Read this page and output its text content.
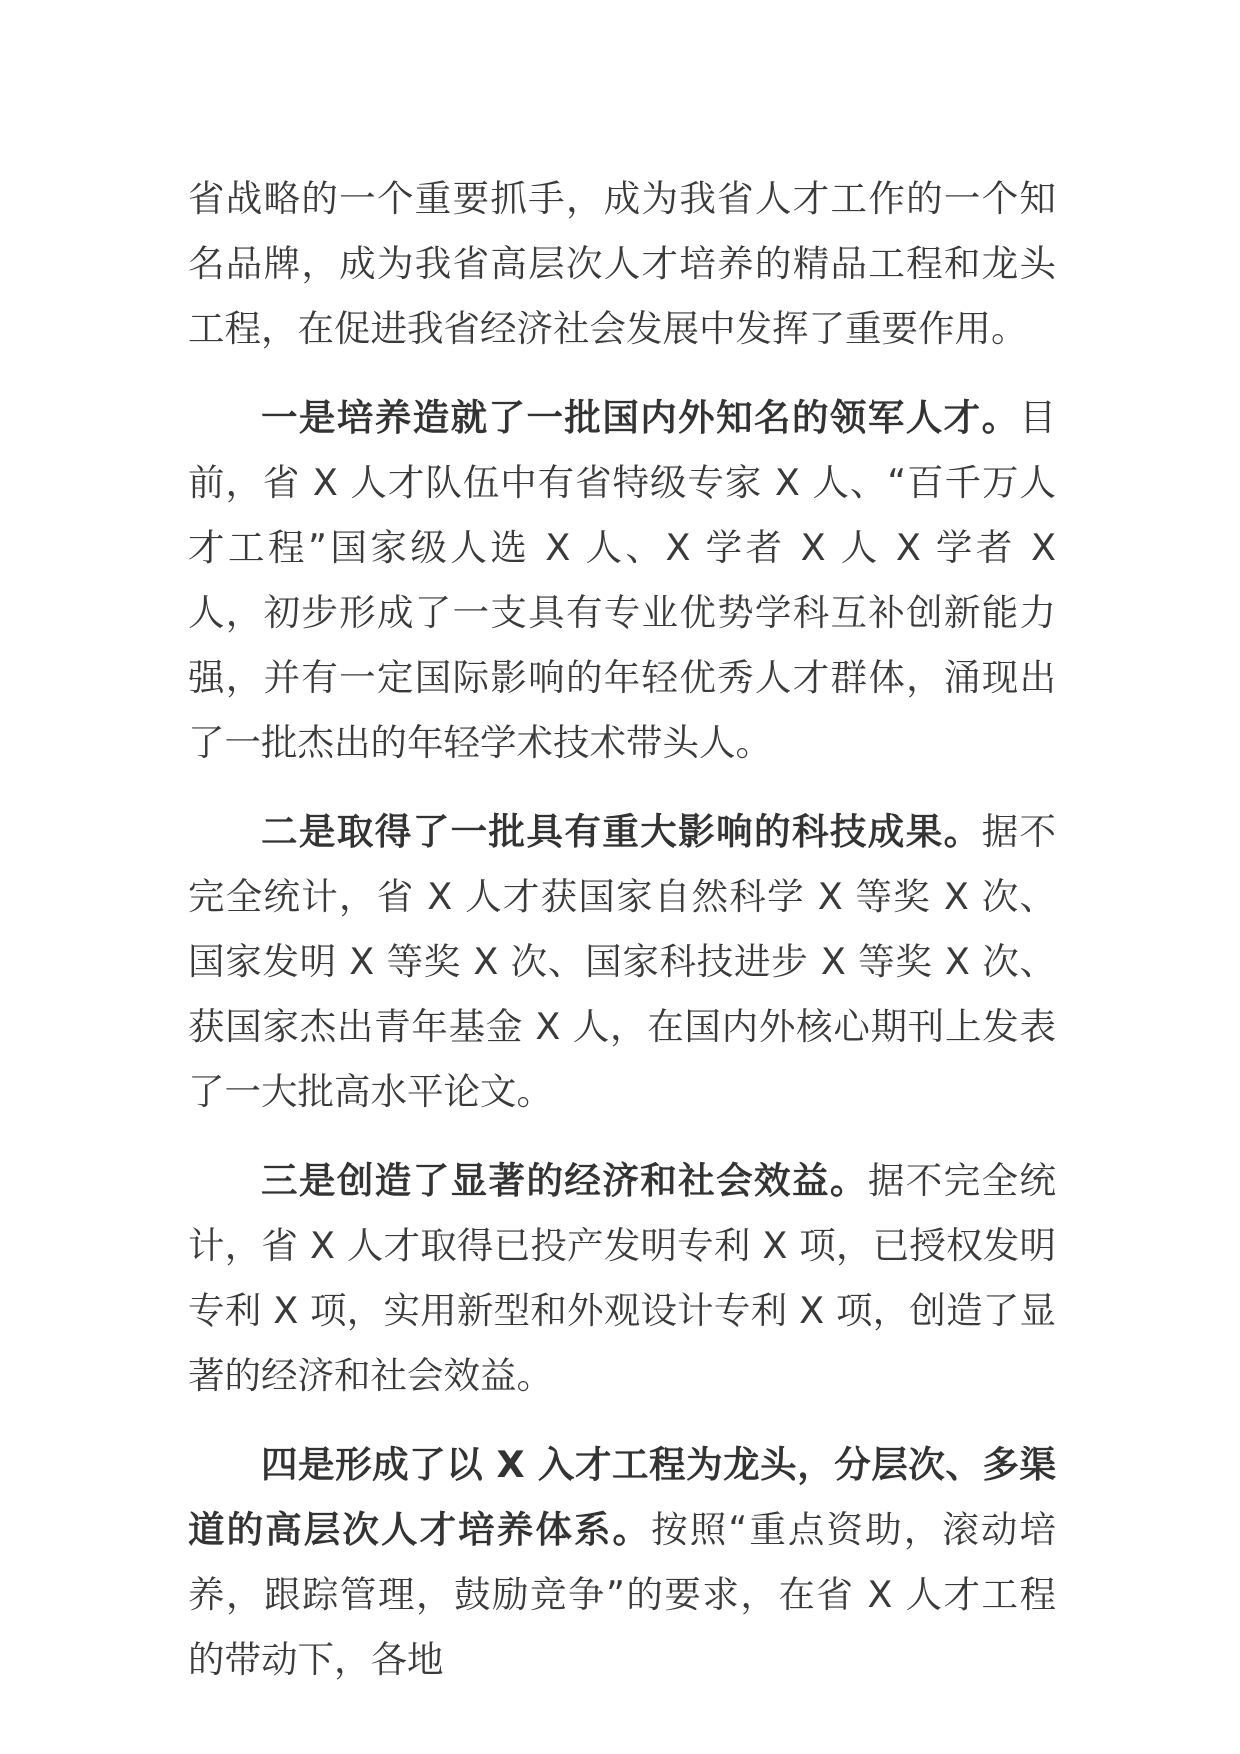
省战略的一个重要抓手，成为我省人才工作的一个知名品牌，成为我省高层次人才培养的精品工程和龙头工程，在促进我省经济社会发展中发挥了重要作用。

一是培养造就了一批国内外知名的领军人才。目前，省 X 人才队伍中有省特级专家 X 人、“百千万人才工程”国家级人选 X 人、X 学者 X 人 X 学者 X 人，初步形成了一支具有专业优势学科互补创新能力强，并有一定国际影响的年轻优秀人才群体，涌现出了一批杰出的年轻学术技术带头人。

二是取得了一批具有重大影响的科技成果。据不完全统计，省 X 人才获国家自然科学 X 等奖 X 次、国家发明 X 等奖 X 次、国家科技进步 X 等奖 X 次、获国家杰出青年基金 X 人，在国内外核心期刊上发表了一大批高水平论文。

三是创造了显著的经济和社会效益。据不完全统计，省 X 人才取得已投产发明专利 X 项，已授权发明专利 X 项，实用新型和外观设计专利 X 项，创造了显著的经济和社会效益。

四是形成了以 X 入才工程为龙头，分层次、多渠道的高层次人才培养体系。按照“重点资助，滚动培养，跟踪管理，鼓励竞争”的要求，在省 X 人才工程的带动下，各地
